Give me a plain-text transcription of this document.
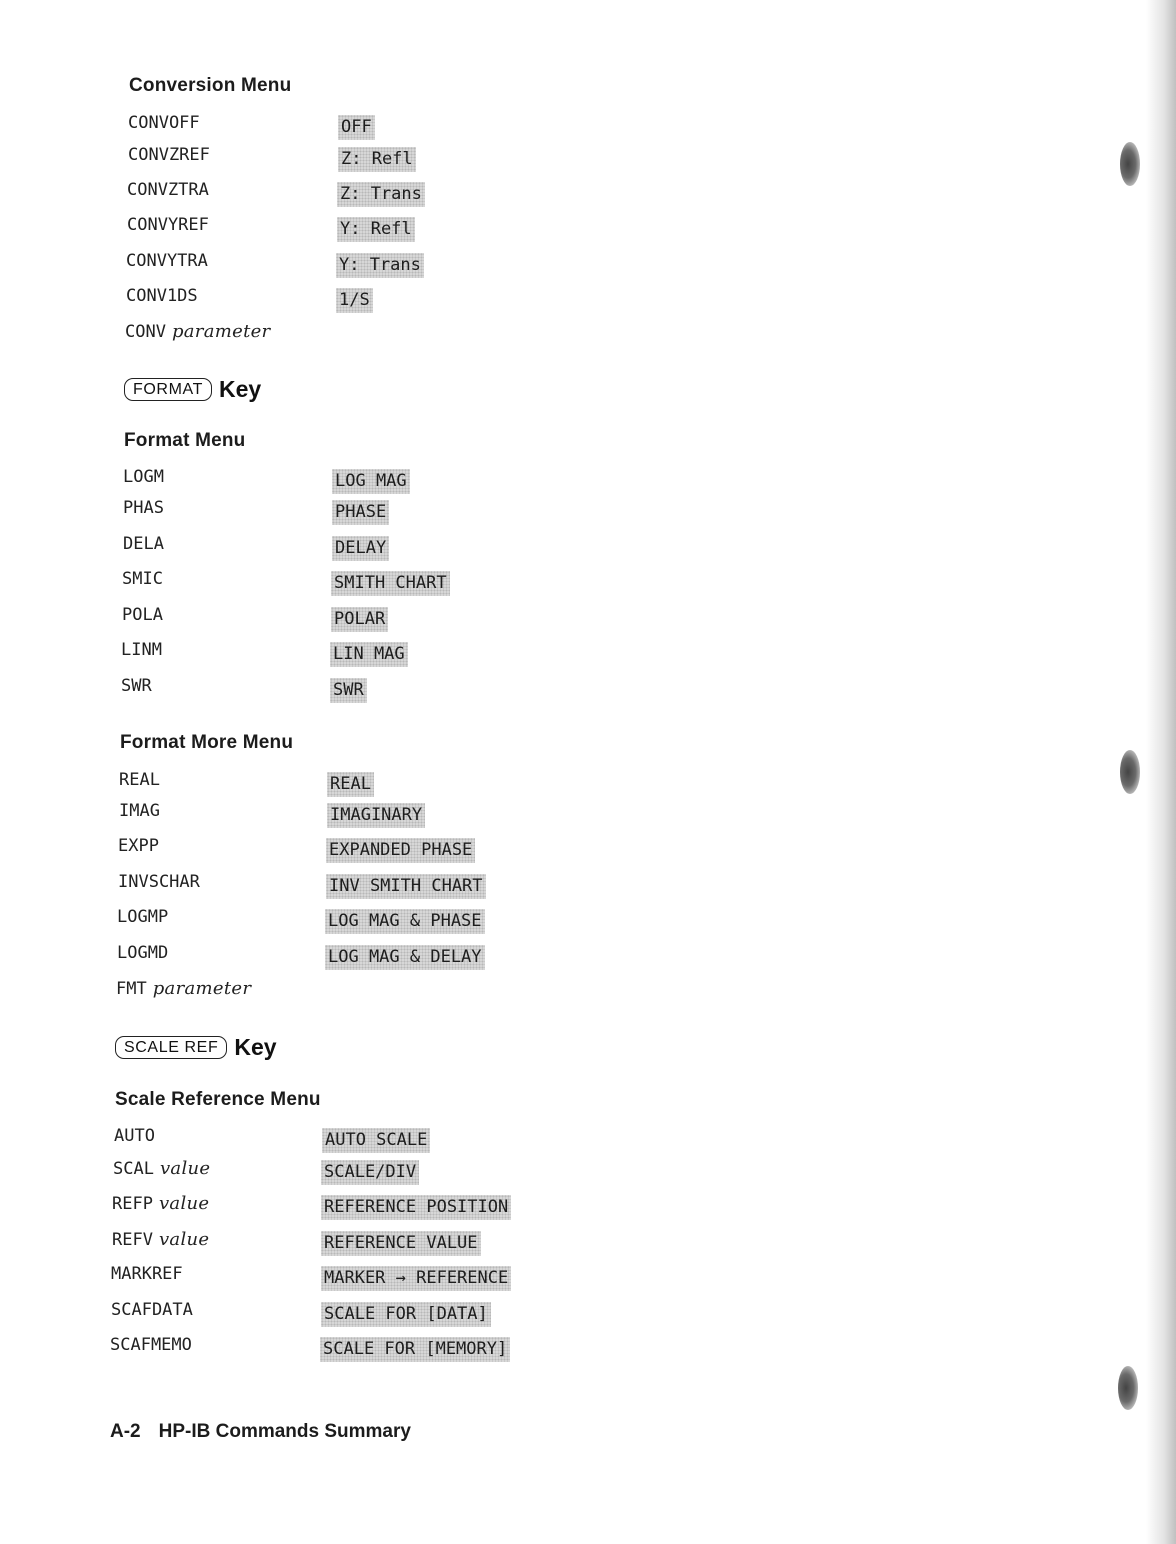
Conversion Menu
CONVOFF	OFF
CONVZREF	Z: Refl
CONVZTRA	Z: Trans
CONVYREF	Y: Refl
CONVYTRA	Y: Trans
CONV1DS	1/S
CONV parameter
FORMAT Key
Format Menu
LOGM	LOG MAG
PHAS	PHASE
DELA	DELAY
SMIC	SMITH CHART
POLA	POLAR
LINM	LIN MAG
SWR	SWR
Format More Menu
REAL	REAL
IMAG	IMAGINARY
EXPP	EXPANDED PHASE
INVSCHAR	INV SMITH CHART
LOGMP	LOG MAG & PHASE
LOGMD	LOG MAG & DELAY
FMT parameter
SCALE REF Key
Scale Reference Menu
AUTO	AUTO SCALE
SCAL value	SCALE/DIV
REFP value	REFERENCE POSITION
REFV value	REFERENCE VALUE
MARKREF	MARKER → REFERENCE
SCAFDATA	SCALE FOR [DATA]
SCAFMEMO	SCALE FOR [MEMORY]
A-2 HP-IB Commands Summary
